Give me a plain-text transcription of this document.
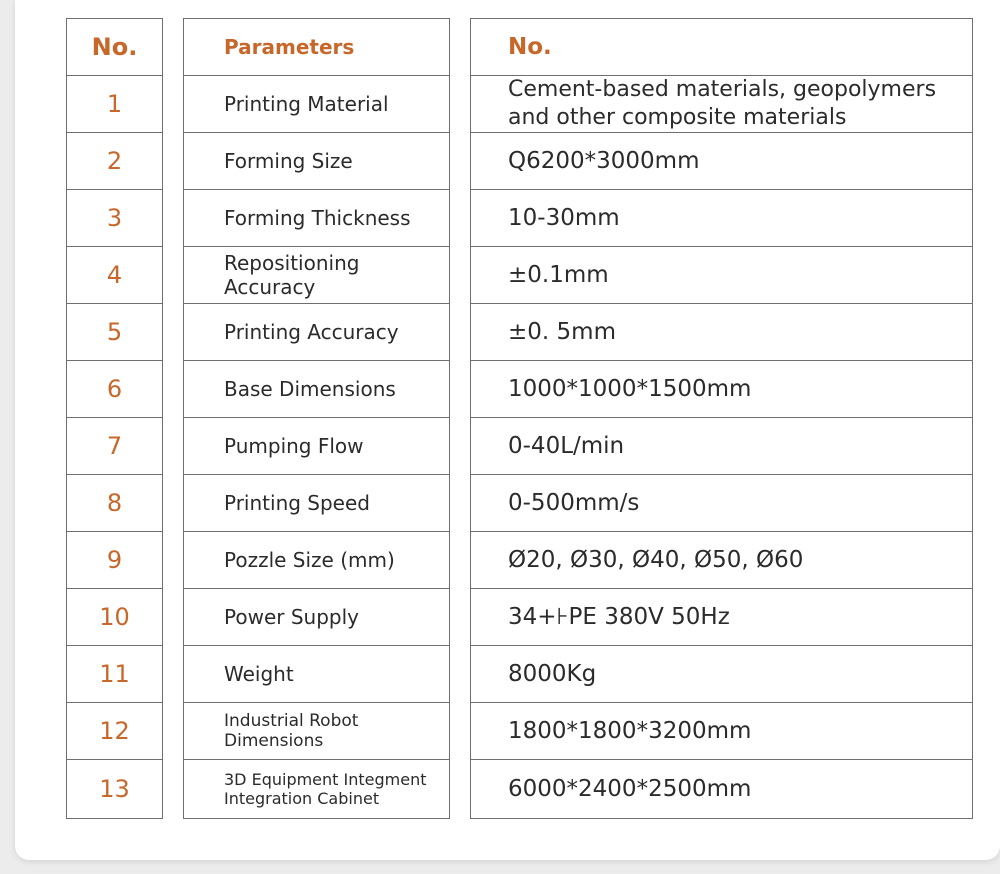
No.
1
2
3
4
5
6
7
8
9
10
11
12
13
Parameters
Printing Material
Forming Size
Forming Thickness
Repositioning Accuracy
Printing Accuracy
Base Dimensions
Pumping Flow
Printing Speed
Pozzle Size (mm)
Power Supply
Weight
Industrial Robot Dimensions
3D Equipment Integment
Integration Cabinet
No.
Cement-based materials, geopolymers
and other composite materials
Q6200*3000mm
10-30mm
±0.1mm
±0. 5mm
1000*1000*1500mm
0-40L/min
0-500mm/s
Ø20, Ø30, Ø40, Ø50, Ø60
34+⊦PE 380V 50Hz
8000Kg
1800*1800*3200mm
6000*2400*2500mm
